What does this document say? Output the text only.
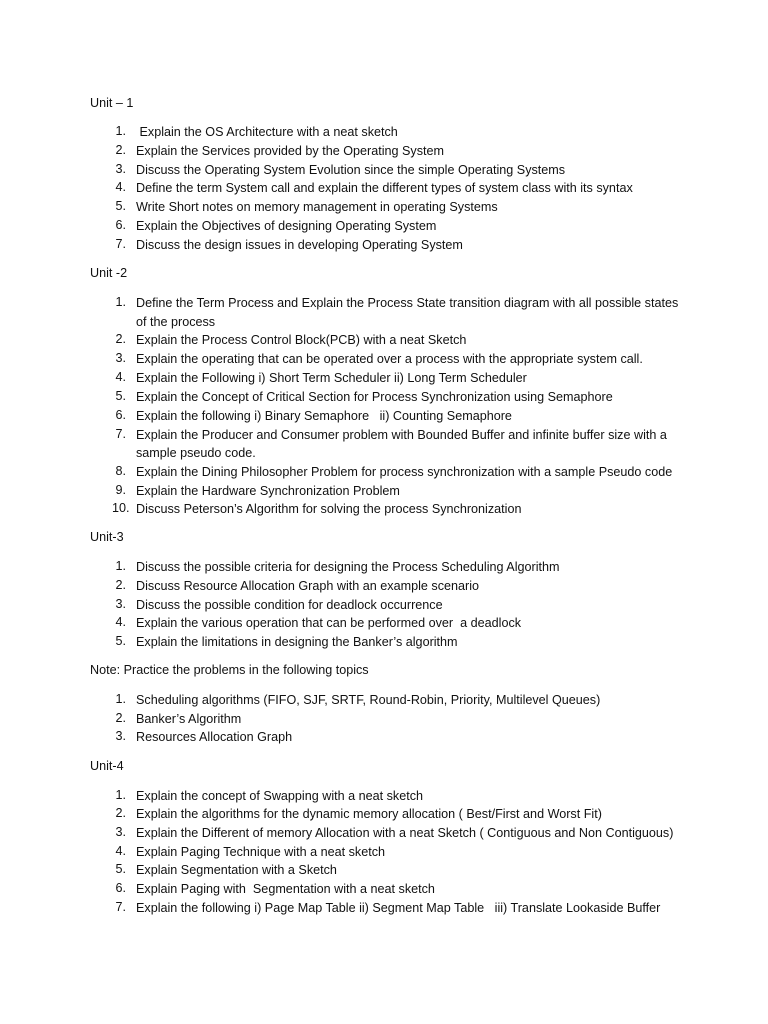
Unit – 1

1. Explain the OS Architecture with a neat sketch
2. Explain the Services provided by the Operating System
3. Discuss the Operating System Evolution since the simple Operating Systems
4. Define the term System call and explain the different types of system class with its syntax
5. Write Short notes on memory management in operating Systems
6. Explain the Objectives of designing Operating System
7. Discuss the design issues in developing Operating System

Unit -2

1. Define the Term Process and Explain the Process State transition diagram with all possible states
of the process
2. Explain the Process Control Block(PCB) with a neat Sketch
3. Explain the operating that can be operated over a process with the appropriate system call.
4. Explain the Following i) Short Term Scheduler ii) Long Term Scheduler
5. Explain the Concept of Critical Section for Process Synchronization using Semaphore
6. Explain the following i) Binary Semaphore   ii) Counting Semaphore
7. Explain the Producer and Consumer problem with Bounded Buffer and infinite buffer size with a
sample pseudo code.
8. Explain the Dining Philosopher Problem for process synchronization with a sample Pseudo code
9. Explain the Hardware Synchronization Problem
10. Discuss Peterson’s Algorithm for solving the process Synchronization

Unit-3

1. Discuss the possible criteria for designing the Process Scheduling Algorithm
2. Discuss Resource Allocation Graph with an example scenario
3. Discuss the possible condition for deadlock occurrence
4. Explain the various operation that can be performed over  a deadlock
5. Explain the limitations in designing the Banker’s algorithm

Note: Practice the problems in the following topics

1. Scheduling algorithms (FIFO, SJF, SRTF, Round-Robin, Priority, Multilevel Queues)
2. Banker’s Algorithm
3. Resources Allocation Graph

Unit-4

1. Explain the concept of Swapping with a neat sketch
2. Explain the algorithms for the dynamic memory allocation ( Best/First and Worst Fit)
3. Explain the Different of memory Allocation with a neat Sketch ( Contiguous and Non Contiguous)
4. Explain Paging Technique with a neat sketch
5. Explain Segmentation with a Sketch
6. Explain Paging with  Segmentation with a neat sketch
7. Explain the following i) Page Map Table ii) Segment Map Table   iii) Translate Lookaside Buffer
